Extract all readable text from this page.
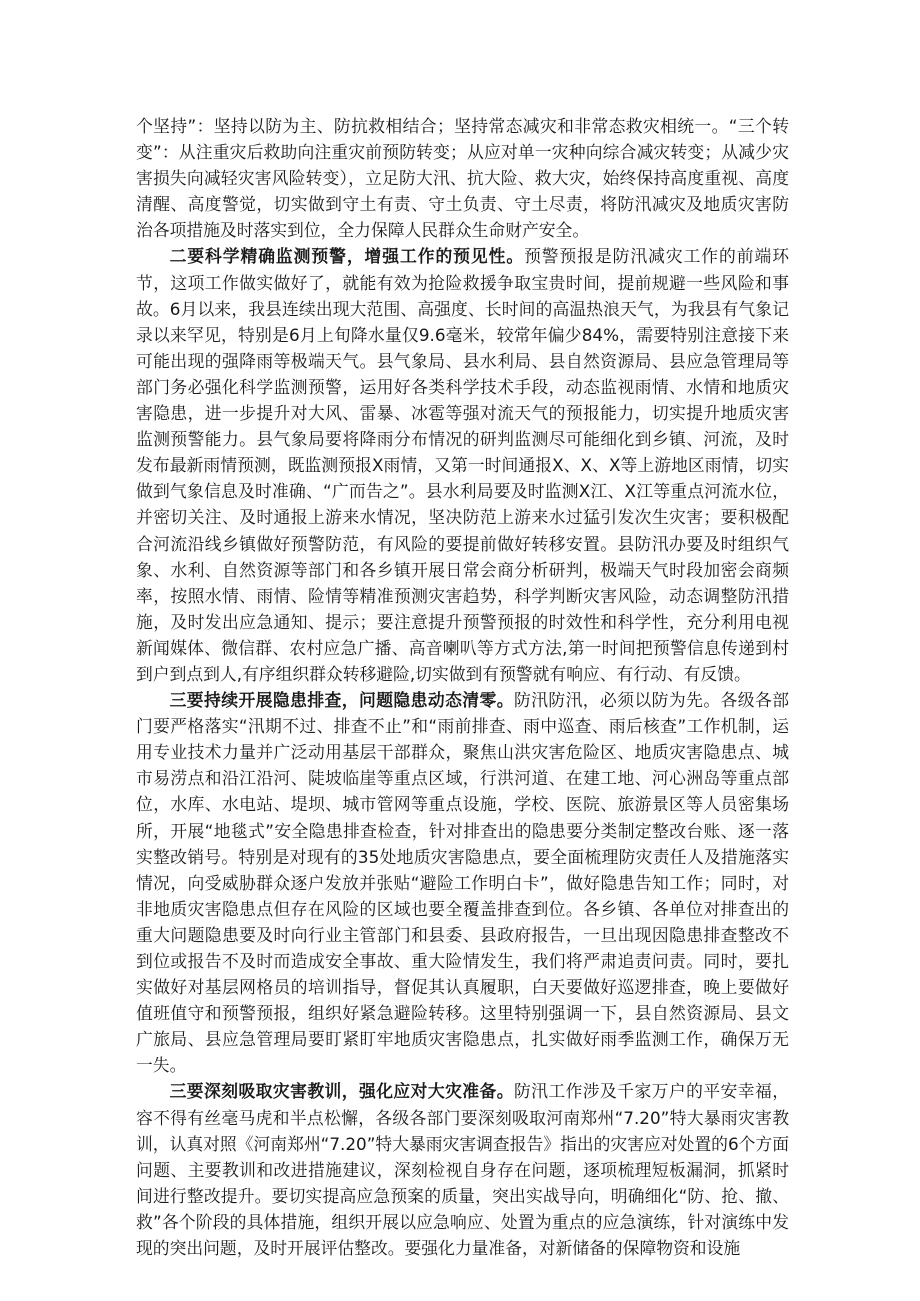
个坚持”：坚持以防为主、防抗救相结合；坚持常态减灾和非常态救灾相统一。“三个转变”：从注重灾后救助向注重灾前预防转变；从应对单一灾种向综合减灾转变；从减少灾害损失向减轻灾害风险转变），立足防大汛、抗大险、救大灾，始终保持高度重视、高度清醒、高度警觉，切实做到守土有责、守土负责、守土尽责，将防汛减灾及地质灾害防治各项措施及时落实到位，全力保障人民群众生命财产安全。

二要科学精确监测预警，增强工作的预见性。预警预报是防汛减灾工作的前端环节，这项工作做实做好了，就能有效为抢险救援争取宝贵时间，提前规避一些风险和事故。6月以来，我县连续出现大范围、高强度、长时间的高温热浪天气，为我县有气象记录以来罕见，特别是6月上旬降水量仅9.6毫米，较常年偏少84%，需要特别注意接下来可能出现的强降雨等极端天气。县气象局、县水利局、县自然资源局、县应急管理局等部门务必强化科学监测预警，运用好各类科学技术手段，动态监视雨情、水情和地质灾害隐患，进一步提升对大风、雷暴、冰雹等强对流天气的预报能力，切实提升地质灾害监测预警能力。县气象局要将降雨分布情况的研判监测尽可能细化到乡镇、河流，及时发布最新雨情预测，既监测预报X雨情，又第一时间通报X、X、X等上游地区雨情，切实做到气象信息及时准确、“广而告之”。县水利局要及时监测X江、X江等重点河流水位，并密切关注、及时通报上游来水情况，坚决防范上游来水过猛引发次生灾害；要积极配合河流沿线乡镇做好预警防范，有风险的要提前做好转移安置。县防汛办要及时组织气象、水利、自然资源等部门和各乡镇开展日常会商分析研判，极端天气时段加密会商频率，按照水情、雨情、险情等精准预测灾害趋势，科学判断灾害风险，动态调整防汛措施，及时发出应急通知、提示；要注意提升预警预报的时效性和科学性，充分利用电视新闻媒体、微信群、农村应急广播、高音喇叭等方式方法,第一时间把预警信息传递到村到户到点到人,有序组织群众转移避险,切实做到有预警就有响应、有行动、有反馈。

三要持续开展隐患排查，问题隐患动态清零。防汛防汛，必须以防为先。各级各部门要严格落实“汛期不过、排查不止”和“雨前排查、雨中巡查、雨后核查”工作机制，运用专业技术力量并广泛动用基层干部群众，聚焦山洪灾害危险区、地质灾害隐患点、城市易涝点和沿江沿河、陡坡临崖等重点区域，行洪河道、在建工地、河心洲岛等重点部位，水库、水电站、堤坝、城市管网等重点设施，学校、医院、旅游景区等人员密集场所，开展“地毯式”安全隐患排查检查，针对排查出的隐患要分类制定整改台账、逐一落实整改销号。特别是对现有的35处地质灾害隐患点，要全面梳理防灾责任人及措施落实情况，向受威胁群众逐户发放并张贴“避险工作明白卡”，做好隐患告知工作；同时，对非地质灾害隐患点但存在风险的区域也要全覆盖排查到位。各乡镇、各单位对排查出的重大问题隐患要及时向行业主管部门和县委、县政府报告，一旦出现因隐患排查整改不到位或报告不及时而造成安全事故、重大险情发生，我们将严肃追责问责。同时，要扎实做好对基层网格员的培训指导，督促其认真履职，白天要做好巡逻排查，晚上要做好值班值守和预警预报，组织好紧急避险转移。这里特别强调一下，县自然资源局、县文广旅局、县应急管理局要盯紧盯牢地质灾害隐患点，扎实做好雨季监测工作，确保万无一失。

三要深刻吸取灾害教训，强化应对大灾准备。防汛工作涉及千家万户的平安幸福，容不得有丝毫马虎和半点松懈，各级各部门要深刻吸取河南郑州“7.20”特大暴雨灾害教训，认真对照《河南郑州“7.20”特大暴雨灾害调查报告》指出的灾害应对处置的6个方面问题、主要教训和改进措施建议，深刻检视自身存在问题，逐项梳理短板漏洞，抓紧时间进行整改提升。要切实提高应急预案的质量，突出实战导向，明确细化“防、抢、撤、救”各个阶段的具体措施，组织开展以应急响应、处置为重点的应急演练，针对演练中发现的突出问题，及时开展评估整改。要强化力量准备，对新储备的保障物资和设施
